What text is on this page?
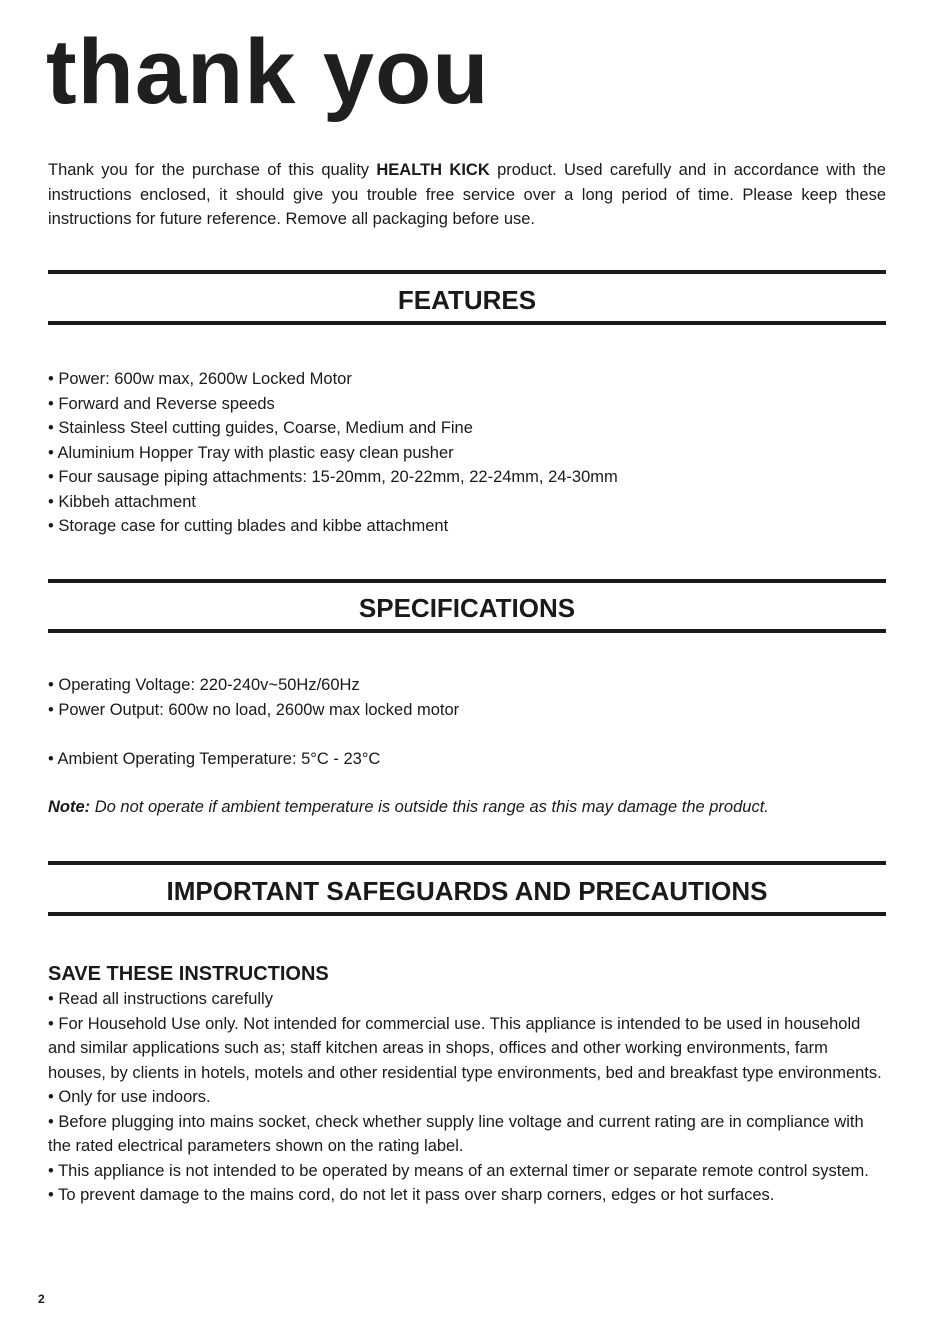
thank you

Thank you for the purchase of this quality HEALTH KICK product. Used carefully and in accordance with the instructions enclosed, it should give you trouble free service over a long period of time. Please keep these instructions for future reference. Remove all packaging before use.

FEATURES
• Power: 600w max, 2600w Locked Motor
• Forward and Reverse speeds
• Stainless Steel cutting guides, Coarse, Medium and Fine
• Aluminium Hopper Tray with plastic easy clean pusher
• Four sausage piping attachments: 15-20mm, 20-22mm, 22-24mm, 24-30mm
• Kibbeh attachment
• Storage case for cutting blades and kibbe attachment
SPECIFICATIONS

• Operating Voltage: 220-240v~50Hz/60Hz

• Power Output: 600w no load, 2600w max locked motor

• Ambient Operating Temperature: 5°C - 23°C

Note: Do not operate if ambient temperature is outside this range as this may damage the product.

IMPORTANT SAFEGUARDS AND PRECAUTIONS
SAVE THESE INSTRUCTIONS
• Read all instructions carefully
• For Household Use only. Not intended for commercial use. This appliance is intended to be used in household and similar applications such as; staff kitchen areas in shops, offices and other working environments, farm houses, by clients in hotels, motels and other residential type environments, bed and breakfast type environments.
• Only for use indoors.
• Before plugging into mains socket, check whether supply line voltage and current rating are in compliance with the rated electrical parameters shown on the rating label.
• This appliance is not intended to be operated by means of an external timer or separate remote control system.
• To prevent damage to the mains cord, do not let it pass over sharp corners, edges or hot surfaces.
2
